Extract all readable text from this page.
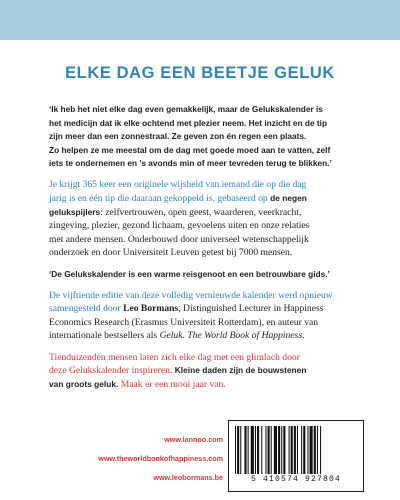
ELKE DAG EEN BEETJE GELUK

‘Ik heb het niet elke dag even gemakkelijk, maar de Gelukskalender is
het medicijn dat ik elke ochtend met plezier neem. Het inzicht en de tip
zijn meer dan een zonnestraal. Ze geven zon én regen een plaats.
Zo helpen ze me meestal om de dag met goede moed aan te vatten, zelf
iets te ondernemen en ’s avonds min of meer tevreden terug te blikken.’

Je krijgt 365 keer een originele wijsheid van iemand die op die dag
jarig is en één tip die daaraan gekoppeld is, gebaseerd op de negen
gelukspijlers: zelfvertrouwen, open geest, waarderen, veerkracht,
zingeving, plezier, gezond lichaam, gevoelens uiten en onze relaties
met andere mensen. Onderbouwd door universeel wetenschappelijk
onderzoek en door Universiteit Leuven getest bij 7000 mensen.

‘De Gelukskalender is een warme reisgenoot en een betrouwbare gids.’

De vijftiende editie van deze volledig vernieuwde kalender werd opnieuw
samengesteld door Leo Bormans, Distinguished Lecturer in Happiness
Economics Research (Erasmus Universiteit Rotterdam), en auteur van
internationale bestsellers als Geluk. The World Book of Happiness.

Tienduizenden mensen laten zich elke dag met een glimlach door
deze Gelukskalender inspireren. Kleine daden zijn de bouwstenen
van groots geluk. Maak er een mooi jaar van.

www.lannoo.com
www.theworldbookofhappiness.com
www.leobormans.be	5 410574 927804
